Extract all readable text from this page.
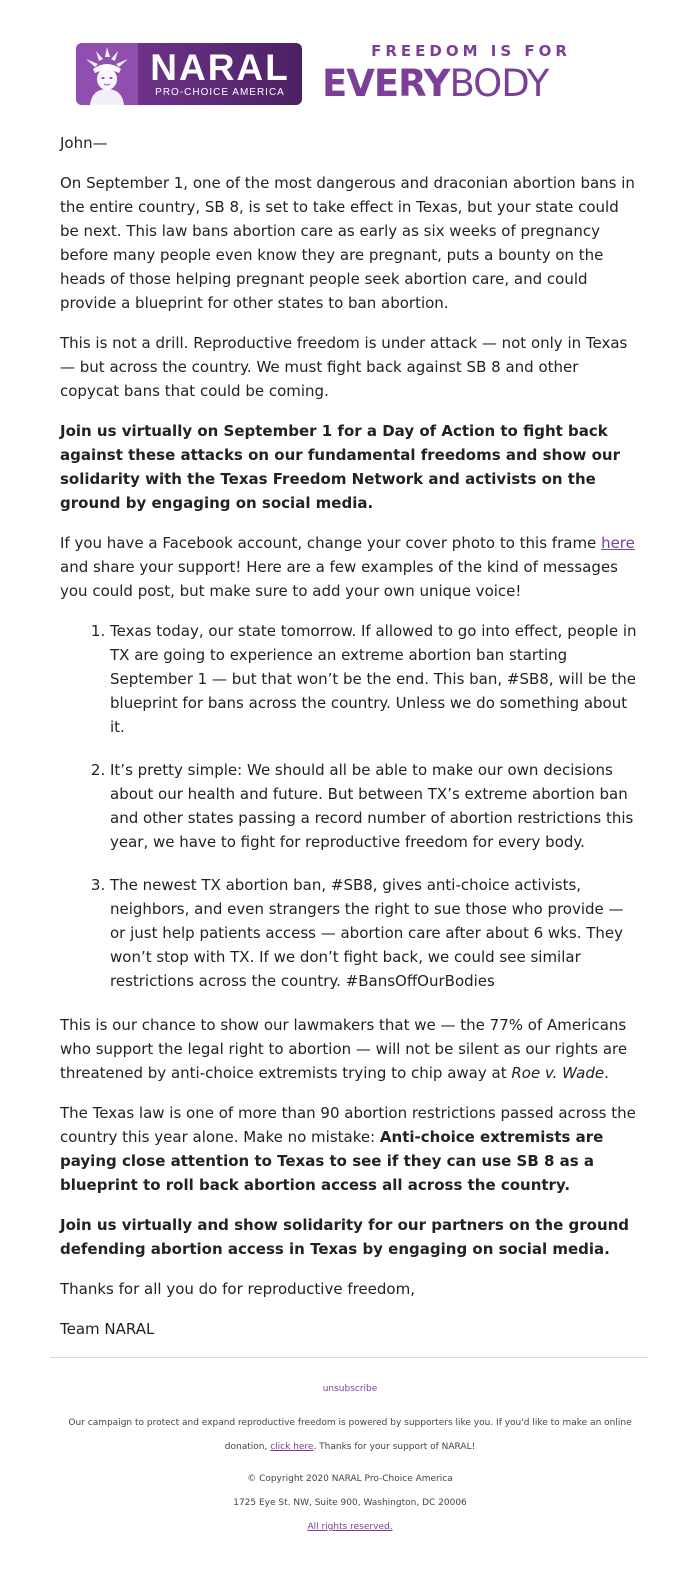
NARAL
PRO-CHOICE AMERICA
FREEDOM IS FOR
EVERYBODY

John—

On September 1, one of the most dangerous and draconian abortion bans in the entire country, SB 8, is set to take effect in Texas, but your state could be next. This law bans abortion care as early as six weeks of pregnancy before many people even know they are pregnant, puts a bounty on the heads of those helping pregnant people seek abortion care, and could provide a blueprint for other states to ban abortion.

This is not a drill. Reproductive freedom is under attack — not only in Texas — but across the country. We must fight back against SB 8 and other copycat bans that could be coming.

Join us virtually on September 1 for a Day of Action to fight back against these attacks on our fundamental freedoms and show our solidarity with the Texas Freedom Network and activists on the ground by engaging on social media.

If you have a Facebook account, change your cover photo to this frame here and share your support! Here are a few examples of the kind of messages you could post, but make sure to add your own unique voice!

1. Texas today, our state tomorrow. If allowed to go into effect, people in TX are going to experience an extreme abortion ban starting September 1 — but that won’t be the end. This ban, #SB8, will be the blueprint for bans across the country. Unless we do something about it.
2. It’s pretty simple: We should all be able to make our own decisions about our health and future. But between TX’s extreme abortion ban and other states passing a record number of abortion restrictions this year, we have to fight for reproductive freedom for every body.
3. The newest TX abortion ban, #SB8, gives anti-choice activists, neighbors, and even strangers the right to sue those who provide — or just help patients access — abortion care after about 6 wks. They won’t stop with TX. If we don’t fight back, we could see similar restrictions across the country. #BansOffOurBodies

This is our chance to show our lawmakers that we — the 77% of Americans who support the legal right to abortion — will not be silent as our rights are threatened by anti-choice extremists trying to chip away at Roe v. Wade.

The Texas law is one of more than 90 abortion restrictions passed across the country this year alone. Make no mistake: Anti-choice extremists are paying close attention to Texas to see if they can use SB 8 as a blueprint to roll back abortion access all across the country.

Join us virtually and show solidarity for our partners on the ground defending abortion access in Texas by engaging on social media.

Thanks for all you do for reproductive freedom,

Team NARAL

unsubscribe
Our campaign to protect and expand reproductive freedom is powered by supporters like you. If you'd like to make an online donation, click here. Thanks for your support of NARAL!
© Copyright 2020 NARAL Pro-Choice America
1725 Eye St. NW, Suite 900, Washington, DC 20006
All rights reserved.
